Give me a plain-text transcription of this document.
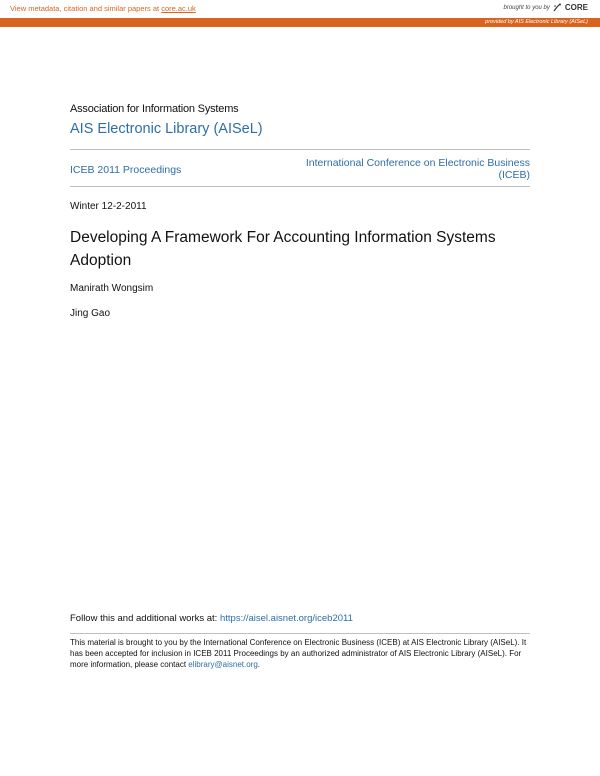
View metadata, citation and similar papers at core.ac.uk	brought to you by CORE
provided by AIS Electronic Library (AISeL)
Association for Information Systems
AIS Electronic Library (AISeL)
ICEB 2011 Proceedings
International Conference on Electronic Business (ICEB)
Winter 12-2-2011
Developing A Framework For Accounting Information Systems Adoption
Manirath Wongsim
Jing Gao
Follow this and additional works at: https://aisel.aisnet.org/iceb2011
This material is brought to you by the International Conference on Electronic Business (ICEB) at AIS Electronic Library (AISeL). It has been accepted for inclusion in ICEB 2011 Proceedings by an authorized administrator of AIS Electronic Library (AISeL). For more information, please contact elibrary@aisnet.org.
